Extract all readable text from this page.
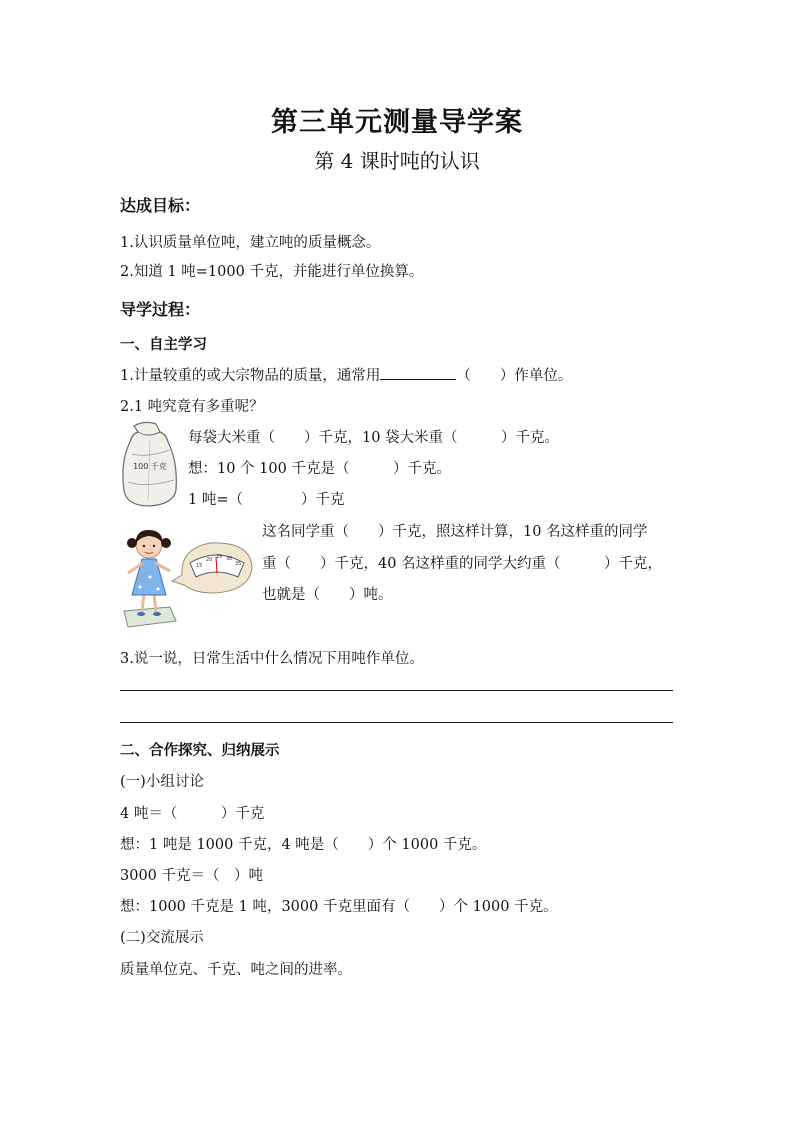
第三单元测量导学案
第 4 课时吨的认识
达成目标：
1.认识质量单位吨，建立吨的质量概念。
2.知道 1 吨=1000 千克，并能进行单位换算。
导学过程：
一、自主学习
1.计量较重的或大宗物品的质量，通常用	（　　）作单位。
2.1 吨究竟有多重呢？
100 千克
每袋大米重（　　）千克，10 袋大米重（　　　）千克。
想：10 个 100 千克是（　　　）千克。
1 吨=（　　　　）千克
15
20 25 30
35
这名同学重（　　）千克，照这样计算，10 名这样重的同学
重（　　）千克，40 名这样重的同学大约重（　　　）千克，
也就是（　　）吨。
3.说一说，日常生活中什么情况下用吨作单位。
二、合作探究、归纳展示
(一)小组讨论
4 吨＝（　　　）千克
想：1 吨是 1000 千克，4 吨是（　　）个 1000 千克。
3000 千克＝（　）吨
想：1000 千克是 1 吨，3000 千克里面有（　　）个 1000 千克。
(二)交流展示
质量单位克、千克、吨之间的进率。
